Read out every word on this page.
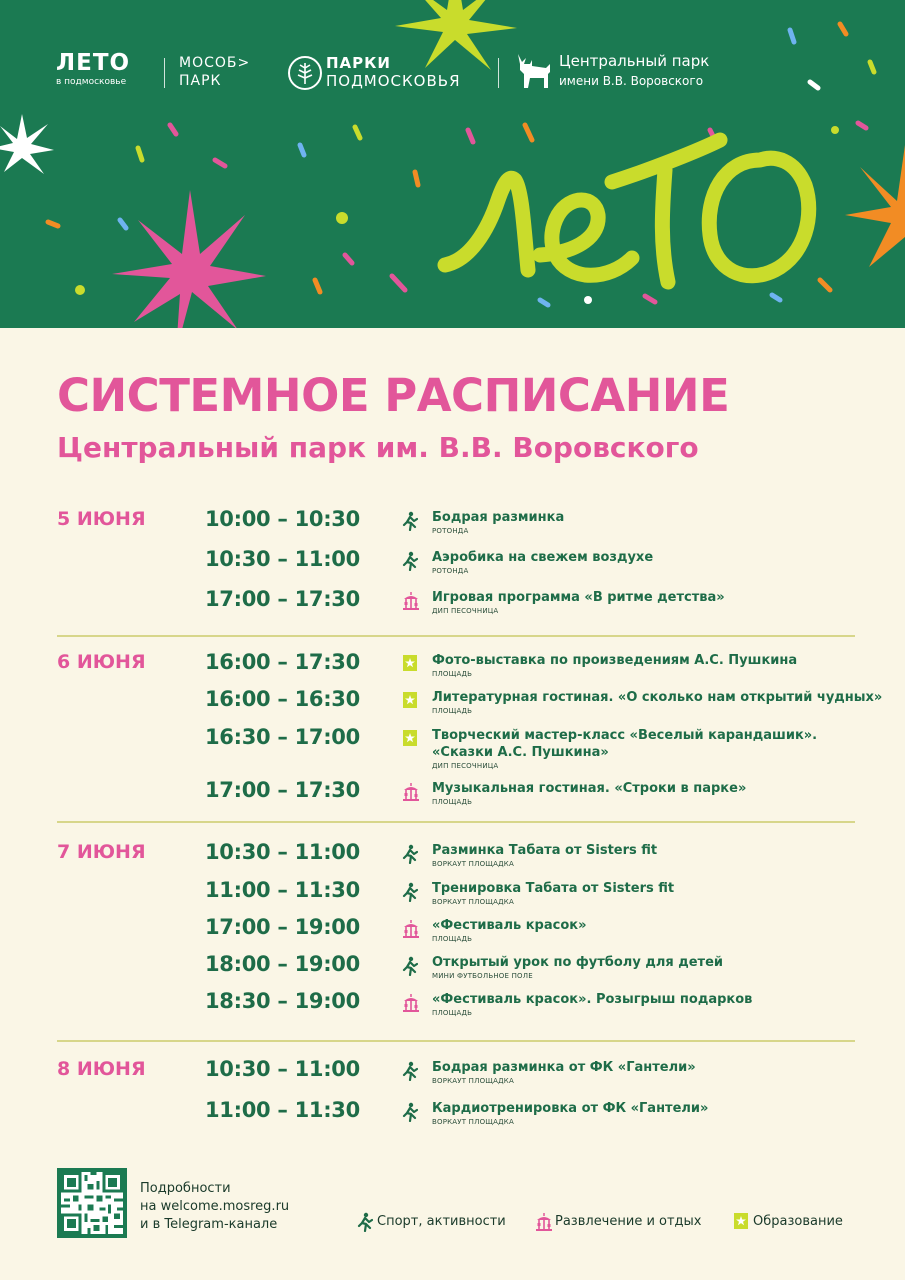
ЛЕТО
в подмосковье
МОСОБ>
ПАРК
ПАРКИ
ПОДМОСКОВЬЯ
Центральный парк
имени В.В. Воровского
СИСТЕМНОЕ РАСПИСАНИЕ
Центральный парк им. В.В. Воровского
5 ИЮНЯ	10:00 – 10:30	Бодрая разминка
РОТОНДА
10:30 – 11:00	Аэробика на свежем воздухе
РОТОНДА
17:00 – 17:30	Игровая программа «В ритме детства»
ДИП ПЕСОЧНИЦА
6 ИЮНЯ	16:00 – 17:30	Фото-выставка по произведениям А.С. Пушкина
ПЛОЩАДЬ
16:00 – 16:30	Литературная гостиная. «О сколько нам открытий чудных»
ПЛОЩАДЬ
16:30 – 17:00	Творческий мастер-класс «Веселый карандашик».
«Сказки А.С. Пушкина»
ДИП ПЕСОЧНИЦА
17:00 – 17:30	Музыкальная гостиная. «Строки в парке»
ПЛОЩАДЬ
7 ИЮНЯ	10:30 – 11:00	Разминка Табата от Sisters fit
ВОРКАУТ ПЛОЩАДКА
11:00 – 11:30	Тренировка Табата от Sisters fit
ВОРКАУТ ПЛОЩАДКА
17:00 – 19:00	«Фестиваль красок»
ПЛОЩАДЬ
18:00 – 19:00	Открытый урок по футболу для детей
МИНИ ФУТБОЛЬНОЕ ПОЛЕ
18:30 – 19:00	«Фестиваль красок». Розыгрыш подарков
ПЛОЩАДЬ
8 ИЮНЯ	10:30 – 11:00	Бодрая разминка от ФК «Гантели»
ВОРКАУТ ПЛОЩАДКА
11:00 – 11:30	Кардиотренировка от ФК «Гантели»
ВОРКАУТ ПЛОЩАДКА
Подробности
на welcome.mosreg.ru
и в Telegram-канале	Спорт, активности	Развлечение и отдых	Образование
